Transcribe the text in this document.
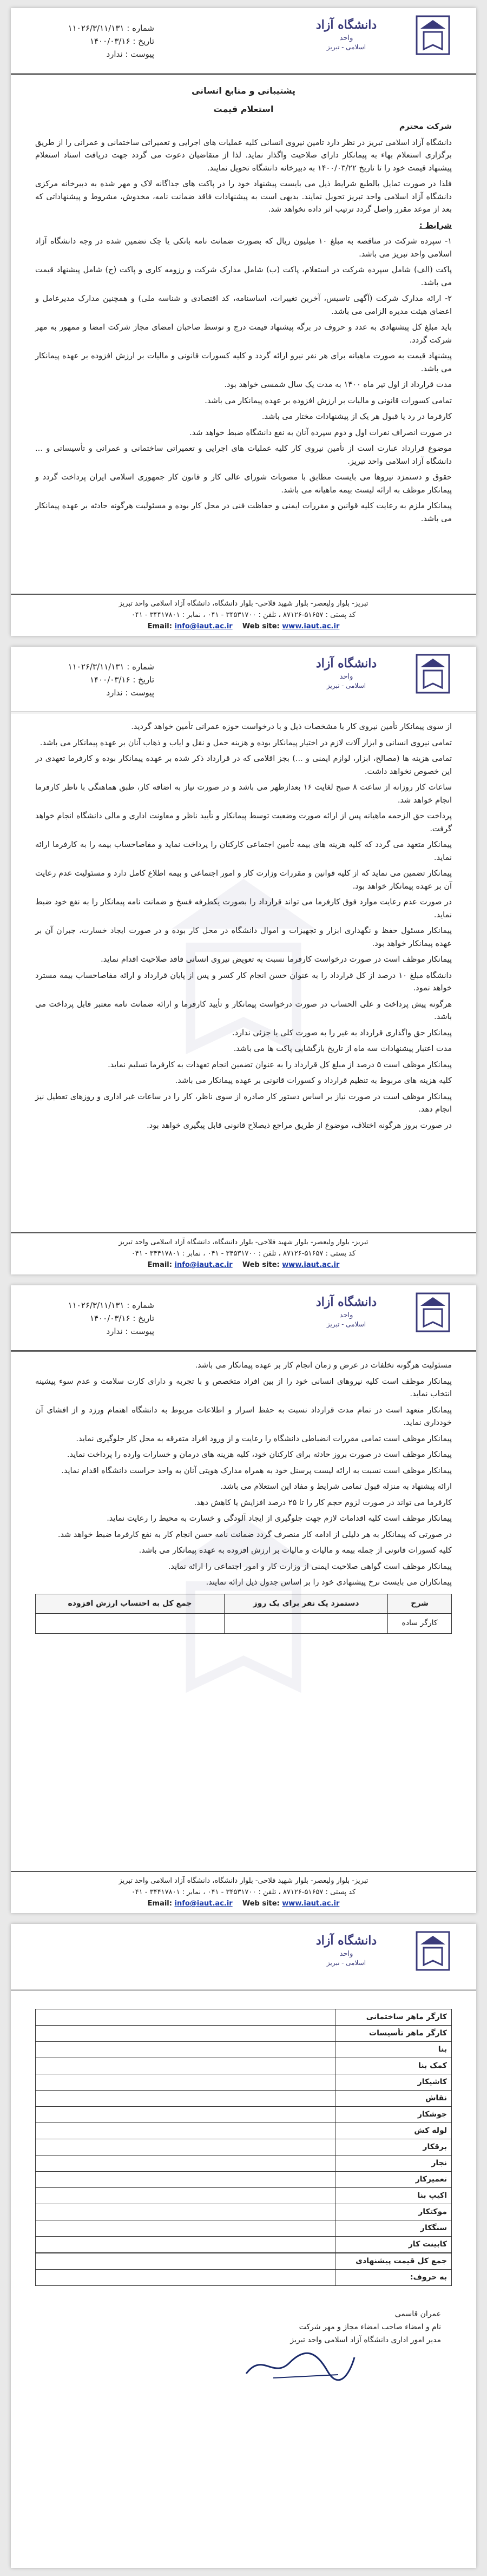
دانشگاه آزاد
واحد
اسلامی - تبریز
شماره : ۱۱۰۲۶/۳/۱۱/۱۳۱
تاریخ : ۱۴۰۰/۰۳/۱۶
پیوست : ندارد
پشتیبانی و منابع انسانی
استعلام قیمت
شرکت محترم

دانشگاه آزاد اسلامی تبریز در نظر دارد تامین نیروی انسانی کلیه عملیات های اجرایی و تعمیراتی ساختمانی و عمرانی را از طریق برگزاری استعلام بهاء به پیمانکار دارای صلاحیت واگذار نماید. لذا از متقاضیان دعوت می گردد جهت دریافت اسناد استعلام پیشنهاد قیمت خود را تا تاریخ ۱۴۰۰/۰۳/۲۲ به دبیرخانه دانشگاه تحویل نمایند.

فلذا در صورت تمایل بالطبع شرایط ذیل می بایست پیشنهاد خود را در پاکت های جداگانه لاک و مهر شده به دبیرخانه مرکزی دانشگاه آزاد اسلامی واحد تبریز تحویل نمایند. بدیهی است به پیشنهادات فاقد ضمانت نامه، مخدوش، مشروط و پیشنهاداتی که بعد از موعد مقرر واصل گردد ترتیب اثر داده نخواهد شد.

شرایط :

۱- سپرده شرکت در مناقصه به مبلغ ۱۰ میلیون ریال که بصورت ضمانت نامه بانکی یا چک تضمین شده در وجه دانشگاه آزاد اسلامی واحد تبریز می باشد.

پاکت (الف) شامل سپرده شرکت در استعلام، پاکت (ب) شامل مدارک شرکت و رزومه کاری و پاکت (ج) شامل پیشنهاد قیمت می باشد.

۲- ارائه مدارک شرکت (آگهی تاسیس، آخرین تغییرات، اساسنامه، کد اقتصادی و شناسه ملی) و همچنین مدارک مدیرعامل و اعضای هیئت مدیره الزامی می باشد.

باید مبلغ کل پیشنهادی به عدد و حروف در برگه پیشنهاد قیمت درج و توسط صاحبان امضای مجاز شرکت امضا و ممهور به مهر شرکت گردد.

پیشنهاد قیمت به صورت ماهیانه برای هر نفر نیرو ارائه گردد و کلیه کسورات قانونی و مالیات بر ارزش افزوده بر عهده پیمانکار می باشد.

مدت قرارداد از اول تیر ماه ۱۴۰۰ به مدت یک سال شمسی خواهد بود.

تمامی کسورات قانونی و مالیات بر ارزش افزوده بر عهده پیمانکار می باشد.

کارفرما در رد یا قبول هر یک از پیشنهادات مختار می باشد.

در صورت انصراف نفرات اول و دوم سپرده آنان به نفع دانشگاه ضبط خواهد شد.

موضوع قرارداد عبارت است از تأمین نیروی کار کلیه عملیات های اجرایی و تعمیراتی ساختمانی و عمرانی و تأسیساتی و ... دانشگاه آزاد اسلامی واحد تبریز.

حقوق و دستمزد نیروها می بایست مطابق با مصوبات شورای عالی کار و قانون کار جمهوری اسلامی ایران پرداخت گردد و پیمانکار موظف به ارائه لیست بیمه ماهیانه می باشد.

پیمانکار ملزم به رعایت کلیه قوانین و مقررات ایمنی و حفاظت فنی در محل کار بوده و مسئولیت هرگونه حادثه بر عهده پیمانکار می باشد.

تبریز- بلوار ولیعصر- بلوار شهید فلاحی- بلوار دانشگاه، دانشگاه آزاد اسلامی واحد تبریز
کد پستی : ۵۱۶۵۷-۸۷۱۲۶ ، تلفن : ۳۴۵۳۱۷۰۰ - ۰۴۱ ، نمابر : ۳۴۴۱۷۸۰۱ - ۰۴۱
Email: info@iaut.ac.ir Web site: www.iaut.ac.ir
دانشگاه آزاد
واحد
اسلامی - تبریز
شماره : ۱۱۰۲۶/۳/۱۱/۱۳۱
تاریخ : ۱۴۰۰/۰۳/۱۶
پیوست : ندارد

از سوی پیمانکار تأمین نیروی کار با مشخصات ذیل و با درخواست حوزه عمرانی تأمین خواهد گردید.

تمامی نیروی انسانی و ابزار آلات لازم در اختیار پیمانکار بوده و هزینه حمل و نقل و ایاب و ذهاب آنان بر عهده پیمانکار می باشد.

تمامی هزینه ها (مصالح، ابزار، لوازم ایمنی و ...) بجز اقلامی که در قرارداد ذکر شده بر عهده پیمانکار بوده و کارفرما تعهدی در این خصوص نخواهد داشت.

ساعات کار روزانه از ساعت ۸ صبح لغایت ۱۶ بعدازظهر می باشد و در صورت نیاز به اضافه کار، طبق هماهنگی با ناظر کارفرما انجام خواهد شد.

پرداخت حق الزحمه ماهیانه پس از ارائه صورت وضعیت توسط پیمانکار و تأیید ناظر و معاونت اداری و مالی دانشگاه انجام خواهد گرفت.

پیمانکار متعهد می گردد که کلیه هزینه های بیمه تأمین اجتماعی کارکنان را پرداخت نماید و مفاصاحساب بیمه را به کارفرما ارائه نماید.

پیمانکار تضمین می نماید که از کلیه قوانین و مقررات وزارت کار و امور اجتماعی و بیمه اطلاع کامل دارد و مسئولیت عدم رعایت آن بر عهده پیمانکار خواهد بود.

در صورت عدم رعایت موارد فوق کارفرما می تواند قرارداد را بصورت یکطرفه فسخ و ضمانت نامه پیمانکار را به نفع خود ضبط نماید.

پیمانکار مسئول حفظ و نگهداری ابزار و تجهیزات و اموال دانشگاه در محل کار بوده و در صورت ایجاد خسارت، جبران آن بر عهده پیمانکار خواهد بود.

پیمانکار موظف است در صورت درخواست کارفرما نسبت به تعویض نیروی انسانی فاقد صلاحیت اقدام نماید.

دانشگاه مبلغ ۱۰ درصد از کل قرارداد را به عنوان حسن انجام کار کسر و پس از پایان قرارداد و ارائه مفاصاحساب بیمه مسترد خواهد نمود.

هرگونه پیش پرداخت و علی الحساب در صورت درخواست پیمانکار و تأیید کارفرما و ارائه ضمانت نامه معتبر قابل پرداخت می باشد.

پیمانکار حق واگذاری قرارداد به غیر را به صورت کلی یا جزئی ندارد.

مدت اعتبار پیشنهادات سه ماه از تاریخ بازگشایی پاکت ها می باشد.

پیمانکار موظف است ۵ درصد از مبلغ کل قرارداد را به عنوان تضمین انجام تعهدات به کارفرما تسلیم نماید.

کلیه هزینه های مربوط به تنظیم قرارداد و کسورات قانونی بر عهده پیمانکار می باشد.

پیمانکار موظف است در صورت نیاز بر اساس دستور کار صادره از سوی ناظر، کار را در ساعات غیر اداری و روزهای تعطیل نیز انجام دهد.

در صورت بروز هرگونه اختلاف، موضوع از طریق مراجع ذیصلاح قانونی قابل پیگیری خواهد بود.

تبریز- بلوار ولیعصر- بلوار شهید فلاحی- بلوار دانشگاه، دانشگاه آزاد اسلامی واحد تبریز
کد پستی : ۵۱۶۵۷-۸۷۱۲۶ ، تلفن : ۳۴۵۳۱۷۰۰ - ۰۴۱ ، نمابر : ۳۴۴۱۷۸۰۱ - ۰۴۱
Email: info@iaut.ac.ir Web site: www.iaut.ac.ir
دانشگاه آزاد
واحد
اسلامی - تبریز
شماره : ۱۱۰۲۶/۳/۱۱/۱۳۱
تاریخ : ۱۴۰۰/۰۳/۱۶
پیوست : ندارد

مسئولیت هرگونه تخلفات در عرض و زمان انجام کار بر عهده پیمانکار می باشد.

پیمانکار موظف است کلیه نیروهای انسانی خود را از بین افراد متخصص و با تجربه و دارای کارت سلامت و عدم سوء پیشینه انتخاب نماید.

پیمانکار متعهد است در تمام مدت قرارداد نسبت به حفظ اسرار و اطلاعات مربوط به دانشگاه اهتمام ورزد و از افشای آن خودداری نماید.

پیمانکار موظف است تمامی مقررات انضباطی دانشگاه را رعایت و از ورود افراد متفرقه به محل کار جلوگیری نماید.

پیمانکار موظف است در صورت بروز حادثه برای کارکنان خود، کلیه هزینه های درمان و خسارات وارده را پرداخت نماید.

پیمانکار موظف است نسبت به ارائه لیست پرسنل خود به همراه مدارک هویتی آنان به واحد حراست دانشگاه اقدام نماید.

ارائه پیشنهاد به منزله قبول تمامی شرایط و مفاد این استعلام می باشد.

کارفرما می تواند در صورت لزوم حجم کار را تا ۲۵ درصد افزایش یا کاهش دهد.

پیمانکار موظف است کلیه اقدامات لازم جهت جلوگیری از ایجاد آلودگی و خسارت به محیط را رعایت نماید.

در صورتی که پیمانکار به هر دلیلی از ادامه کار منصرف گردد ضمانت نامه حسن انجام کار به نفع کارفرما ضبط خواهد شد.

کلیه کسورات قانونی از جمله بیمه و مالیات و مالیات بر ارزش افزوده به عهده پیمانکار می باشد.

پیمانکار موظف است گواهی صلاحیت ایمنی از وزارت کار و امور اجتماعی را ارائه نماید.

پیمانکاران می بایست نرخ پیشنهادی خود را بر اساس جدول ذیل ارائه نمایند.

شرح	دستمزد یک نفر برای یک روز	جمع کل به احتساب ارزش افزوده
کارگر ساده		
تبریز- بلوار ولیعصر- بلوار شهید فلاحی- بلوار دانشگاه، دانشگاه آزاد اسلامی واحد تبریز
کد پستی : ۵۱۶۵۷-۸۷۱۲۶ ، تلفن : ۳۴۵۳۱۷۰۰ - ۰۴۱ ، نمابر : ۳۴۴۱۷۸۰۱ - ۰۴۱
Email: info@iaut.ac.ir Web site: www.iaut.ac.ir
دانشگاه آزاد
واحد
اسلامی - تبریز
کارگر ماهر ساختمانی	
کارگر ماهر تأسیسات	
بنا	
کمک بنا	
کاشیکار	
نقاش	
جوشکار	
لوله کش	
برقکار	
نجار	
تعمیرکار	
اکیپ بنا	
موکتکار	
سنگکار	
کابینت کار	
جمع کل قیمت پیشنهادی	
به حروف:	
عمران قاسمی
نام و امضاء صاحب امضاء مجاز و مهر شرکت
مدیر امور اداری دانشگاه آزاد اسلامی واحد تبریز
